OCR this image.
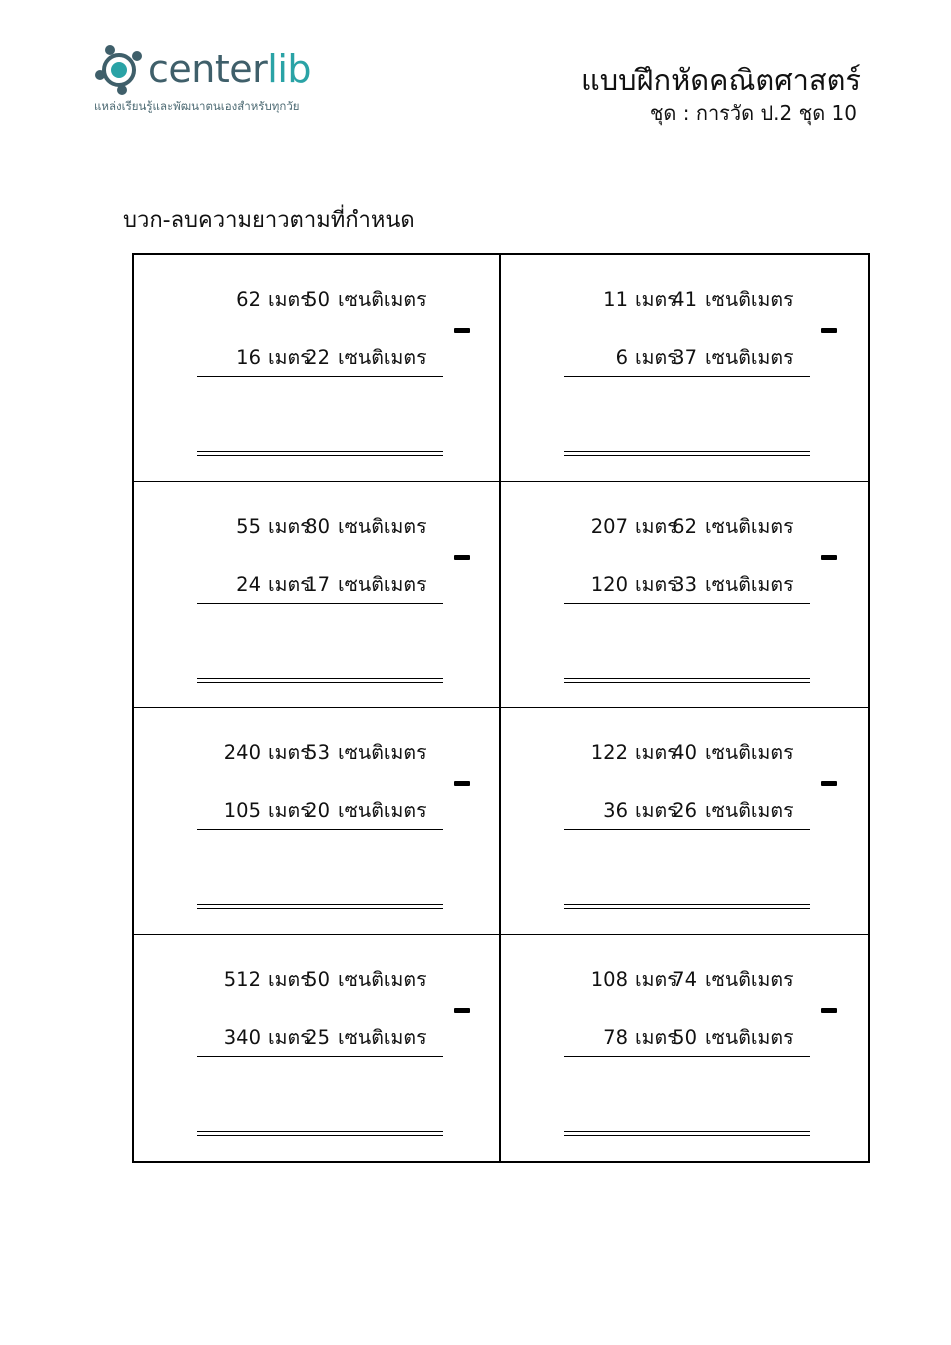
centerlib
แหล่งเรียนรู้และพัฒนาตนเองสำหรับทุกวัย
แบบฝึกหัดคณิตศาสตร์
ชุด : การวัด ป.2 ชุด 10
บวก-ลบความยาวตามที่กำหนด
62 เมตร
50 เซนติเมตร
16 เมตร
22 เซนติเมตร
11 เมตร
41 เซนติเมตร
6 เมตร
37 เซนติเมตร
55 เมตร
80 เซนติเมตร
24 เมตร
17 เซนติเมตร
207 เมตร
62 เซนติเมตร
120 เมตร
33 เซนติเมตร
240 เมตร
53 เซนติเมตร
105 เมตร
20 เซนติเมตร
122 เมตร
40 เซนติเมตร
36 เมตร
26 เซนติเมตร
512 เมตร
50 เซนติเมตร
340 เมตร
25 เซนติเมตร
108 เมตร
74 เซนติเมตร
78 เมตร
50 เซนติเมตร
